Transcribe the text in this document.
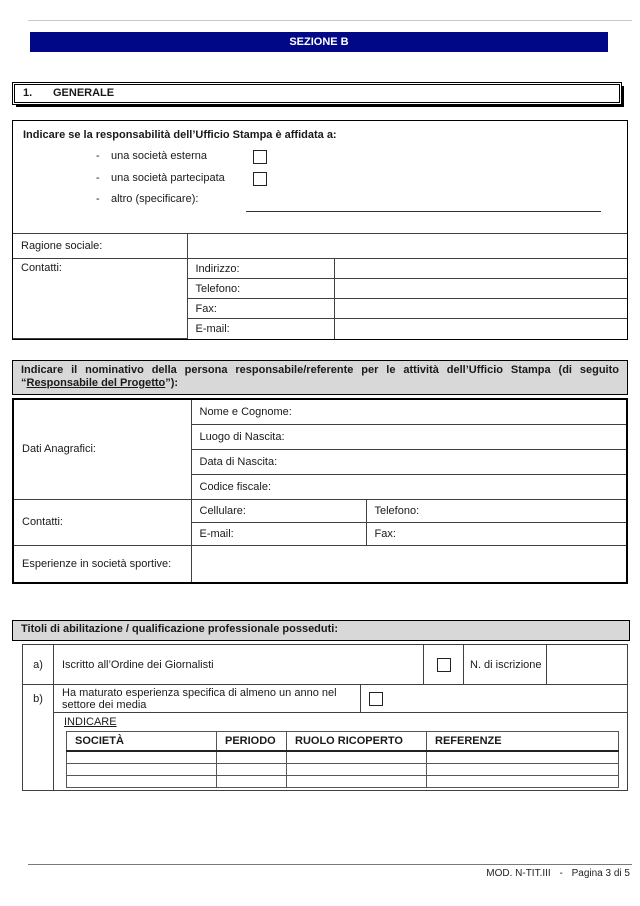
SEZIONE B
1.	GENERALE
Indicare se la responsabilità dell’Ufficio Stampa è affidata a:
- una società esterna
- una società partecipata
- altro (specificare):
Ragione sociale:		
Contatti:	Indirizzo:	
	Telefono:	
	Fax:	
	E-mail:	
Indicare il nominativo della persona responsabile/referente per le attività dell’Ufficio Stampa (di seguito
“Responsabile del Progetto”):
Dati Anagrafici:	Nome e Cognome:	
	Luogo di Nascita:	
	Data di Nascita:	
	Codice fiscale:	
Contatti:	Cellulare:	Telefono:
	E-mail:	Fax:
Esperienze in società sportive:		
Titoli di abilitazione / qualificazione professionale posseduti:
a)	Iscritto all’Ordine dei Giornalisti		N. di iscrizione	
b)	Ha maturato esperienza specifica di almeno un anno nel settore dei media	

INDICARE
SOCIETÀ	PERIODO	RUOLO RICOPERTO	REFERENZE

MOD. N-TIT.III - Pagina 3 di 5
